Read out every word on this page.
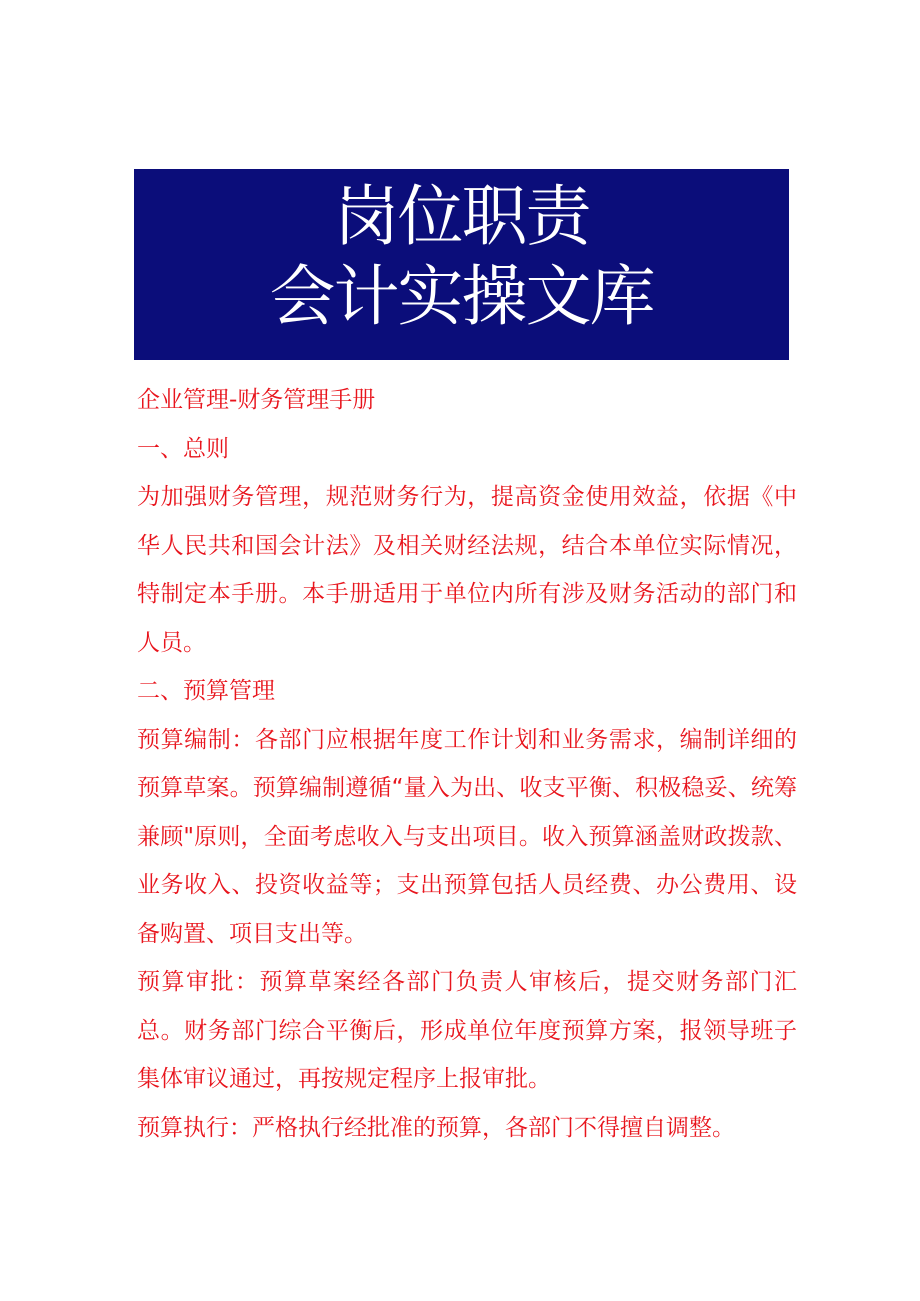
岗位职责
会计实操文库

企业管理-财务管理手册

一、总则

为加强财务管理，规范财务行为，提高资金使用效益，依据《中华人民共和国会计法》及相关财经法规，结合本单位实际情况，特制定本手册。本手册适用于单位内所有涉及财务活动的部门和人员。

二、预算管理

预算编制：各部门应根据年度工作计划和业务需求，编制详细的预算草案。预算编制遵循“量入为出、收支平衡、积极稳妥、统筹兼顾"原则，全面考虑收入与支出项目。收入预算涵盖财政拨款、业务收入、投资收益等；支出预算包括人员经费、办公费用、设备购置、项目支出等。

预算审批：预算草案经各部门负责人审核后，提交财务部门汇总。财务部门综合平衡后，形成单位年度预算方案，报领导班子集体审议通过，再按规定程序上报审批。

预算执行：严格执行经批准的预算，各部门不得擅自调整。
